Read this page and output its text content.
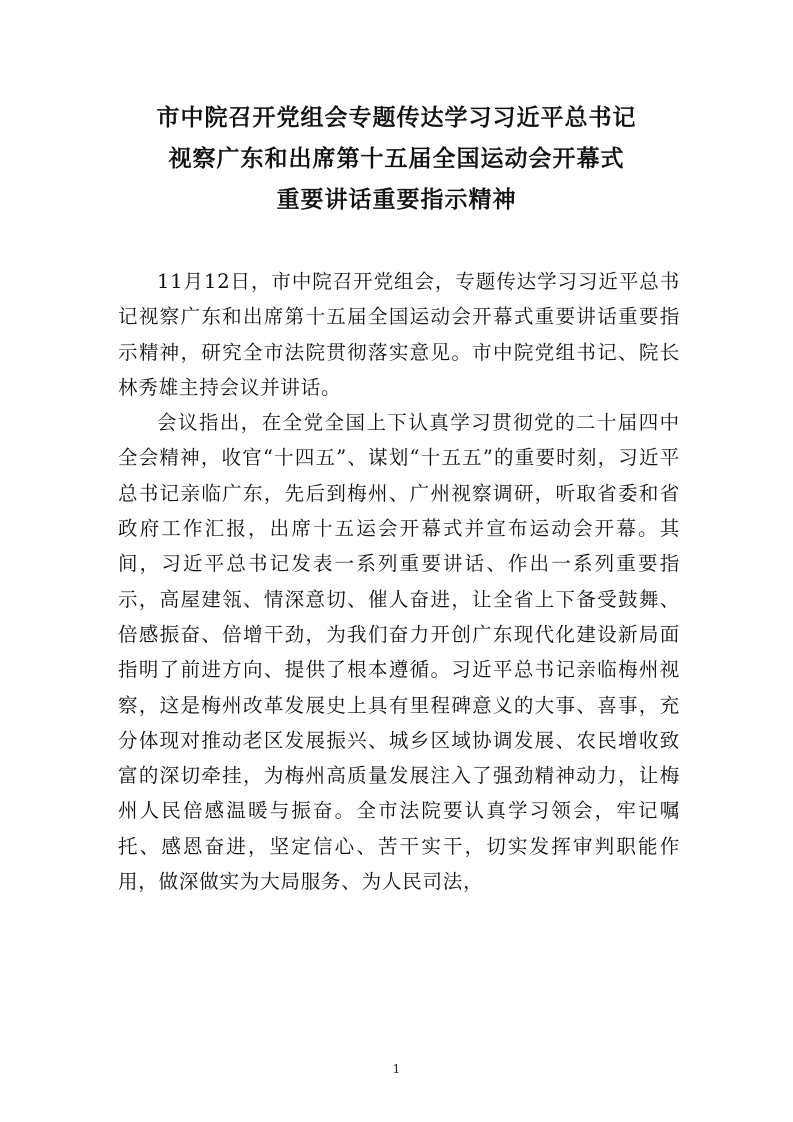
市中院召开党组会专题传达学习习近平总书记
视察广东和出席第十五届全国运动会开幕式
重要讲话重要指示精神

11月12日，市中院召开党组会，专题传达学习习近平总书记视察广东和出席第十五届全国运动会开幕式重要讲话重要指示精神，研究全市法院贯彻落实意见。市中院党组书记、院长林秀雄主持会议并讲话。

会议指出，在全党全国上下认真学习贯彻党的二十届四中全会精神，收官“十四五”、谋划“十五五”的重要时刻，习近平总书记亲临广东，先后到梅州、广州视察调研，听取省委和省政府工作汇报，出席十五运会开幕式并宣布运动会开幕。其间，习近平总书记发表一系列重要讲话、作出一系列重要指示，高屋建瓴、情深意切、催人奋进，让全省上下备受鼓舞、倍感振奋、倍增干劲，为我们奋力开创广东现代化建设新局面指明了前进方向、提供了根本遵循。习近平总书记亲临梅州视察，这是梅州改革发展史上具有里程碑意义的大事、喜事，充分体现对推动老区发展振兴、城乡区域协调发展、农民增收致富的深切牵挂，为梅州高质量发展注入了强劲精神动力，让梅州人民倍感温暖与振奋。全市法院要认真学习领会，牢记嘱托、感恩奋进，坚定信心、苦干实干，切实发挥审判职能作用，做深做实为大局服务、为人民司法，

1
